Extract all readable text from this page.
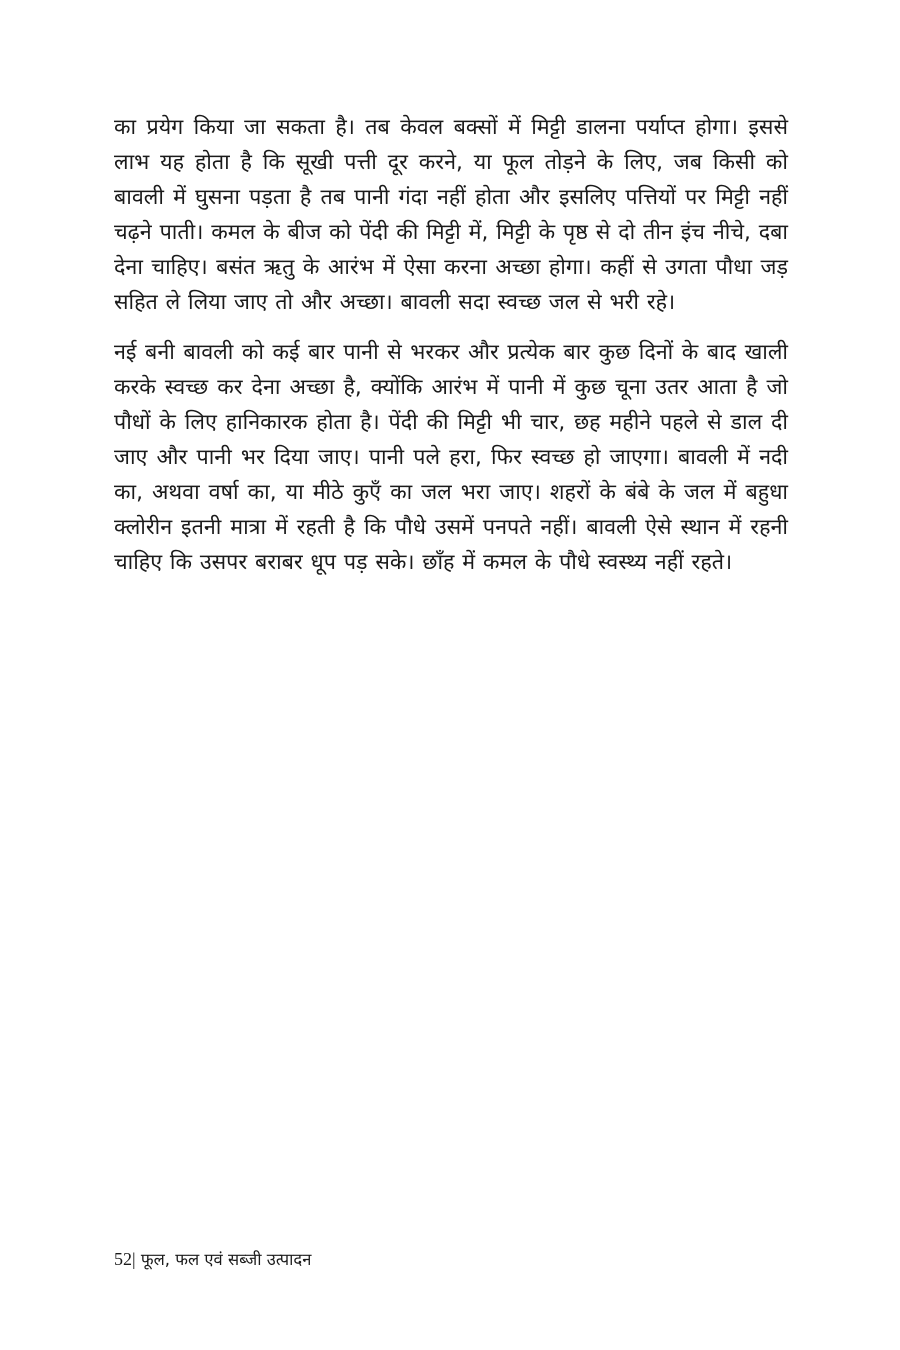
का प्रयेग किया जा सकता है। तब केवल बक्सों में मिट्टी डालना पर्याप्त होगा। इससे लाभ यह होता है कि सूखी पत्ती दूर करने, या फूल तोड़ने के लिए, जब किसी को बावली में घुसना पड़ता है तब पानी गंदा नहीं होता और इसलिए पत्तियों पर मिट्टी नहीं चढ़ने पाती। कमल के बीज को पेंदी की मिट्टी में, मिट्टी के पृष्ठ से दो तीन इंच नीचे, दबा देना चाहिए। बसंत ऋतु के आरंभ में ऐसा करना अच्छा होगा। कहीं से उगता पौधा जड़ सहित ले लिया जाए तो और अच्छा। बावली सदा स्वच्छ जल से भरी रहे।

नई बनी बावली को कई बार पानी से भरकर और प्रत्येक बार कुछ दिनों के बाद खाली करके स्वच्छ कर देना अच्छा है, क्योंकि आरंभ में पानी में कुछ चूना उतर आता है जो पौधों के लिए हानिकारक होता है। पेंदी की मिट्टी भी चार, छह महीने पहले से डाल दी जाए और पानी भर दिया जाए। पानी पले हरा, फिर स्वच्छ हो जाएगा। बावली में नदी का, अथवा वर्षा का, या मीठे कुएँ का जल भरा जाए। शहरों के बंबे के जल में बहुधा क्लोरीन इतनी मात्रा में रहती है कि पौधे उसमें पनपते नहीं। बावली ऐसे स्थान में रहनी चाहिए कि उसपर बराबर धूप पड़ सके। छाँह में कमल के पौधे स्वस्थ्य नहीं रहते।

52| फूल, फल एवं सब्जी उत्पादन
